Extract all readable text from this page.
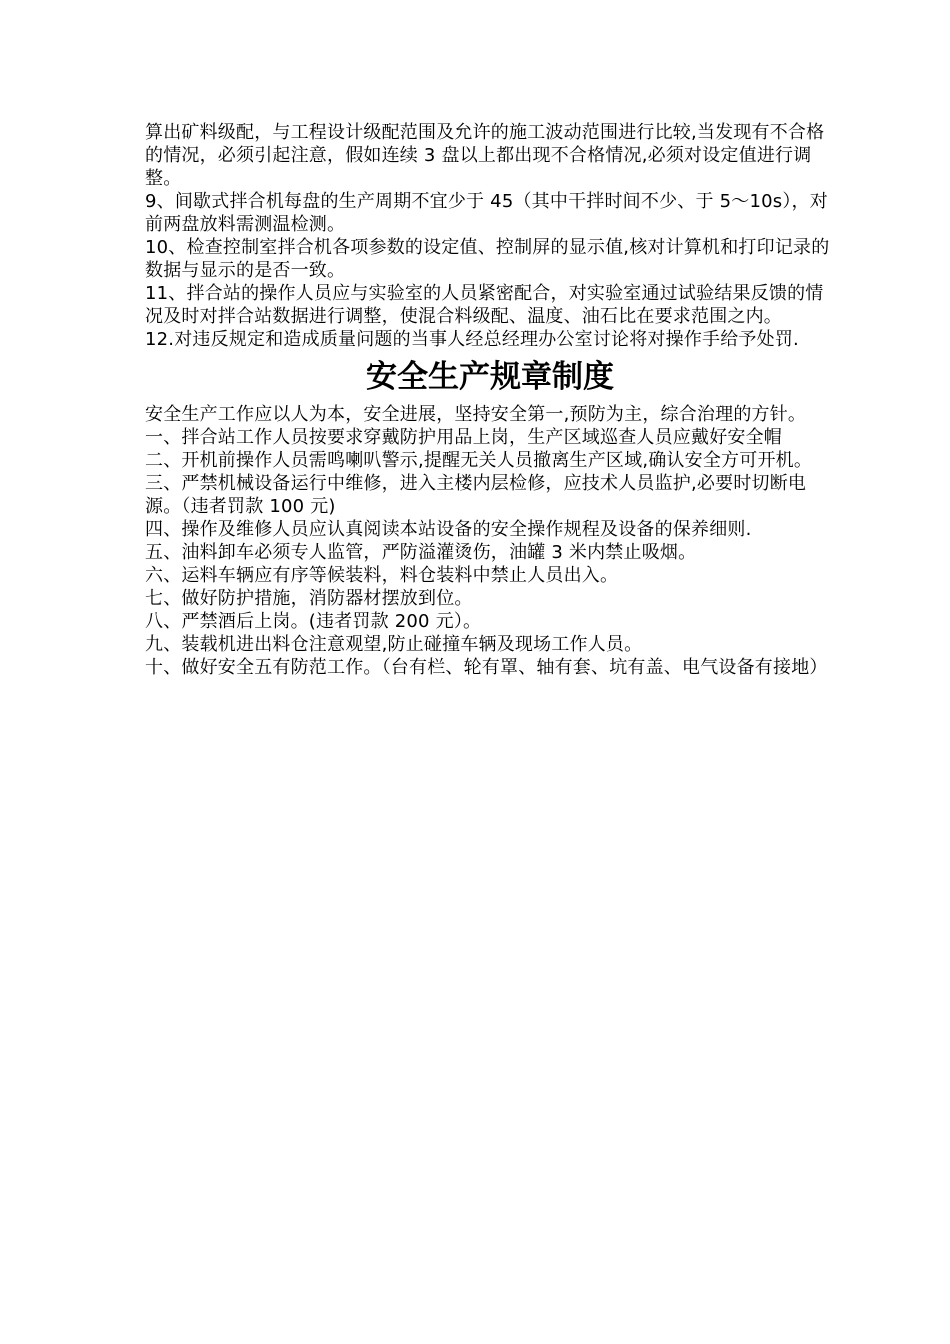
算出矿料级配，与工程设计级配范围及允许的施工波动范围进行比较,当发现有不合格的情况，必须引起注意，假如连续 3 盘以上都出现不合格情况,必须对设定值进行调整。

9、间歇式拌合机每盘的生产周期不宜少于 45（其中干拌时间不少、于 5～10s），对前两盘放料需测温检测。

10、检查控制室拌合机各项参数的设定值、控制屏的显示值,核对计算机和打印记录的数据与显示的是否一致。

11、拌合站的操作人员应与实验室的人员紧密配合，对实验室通过试验结果反馈的情况及时对拌合站数据进行调整，使混合料级配、温度、油石比在要求范围之内。

12.对违反规定和造成质量问题的当事人经总经理办公室讨论将对操作手给予处罚.

安全生产规章制度

安全生产工作应以人为本，安全进展，坚持安全第一,预防为主，综合治理的方针。

一、拌合站工作人员按要求穿戴防护用品上岗，生产区域巡查人员应戴好安全帽

二、开机前操作人员需鸣喇叭警示,提醒无关人员撤离生产区域,确认安全方可开机。

三、严禁机械设备运行中维修，进入主楼内层检修，应技术人员监护,必要时切断电源。（违者罚款 100 元)

四、操作及维修人员应认真阅读本站设备的安全操作规程及设备的保养细则.

五、油料卸车必须专人监管，严防溢灌烫伤，油罐 3 米内禁止吸烟。

六、运料车辆应有序等候装料，料仓装料中禁止人员出入。

七、做好防护措施，消防器材摆放到位。

八、严禁酒后上岗。(违者罚款 200 元）。

九、装载机进出料仓注意观望,防止碰撞车辆及现场工作人员。

十、做好安全五有防范工作。（台有栏、轮有罩、轴有套、坑有盖、电气设备有接地）
